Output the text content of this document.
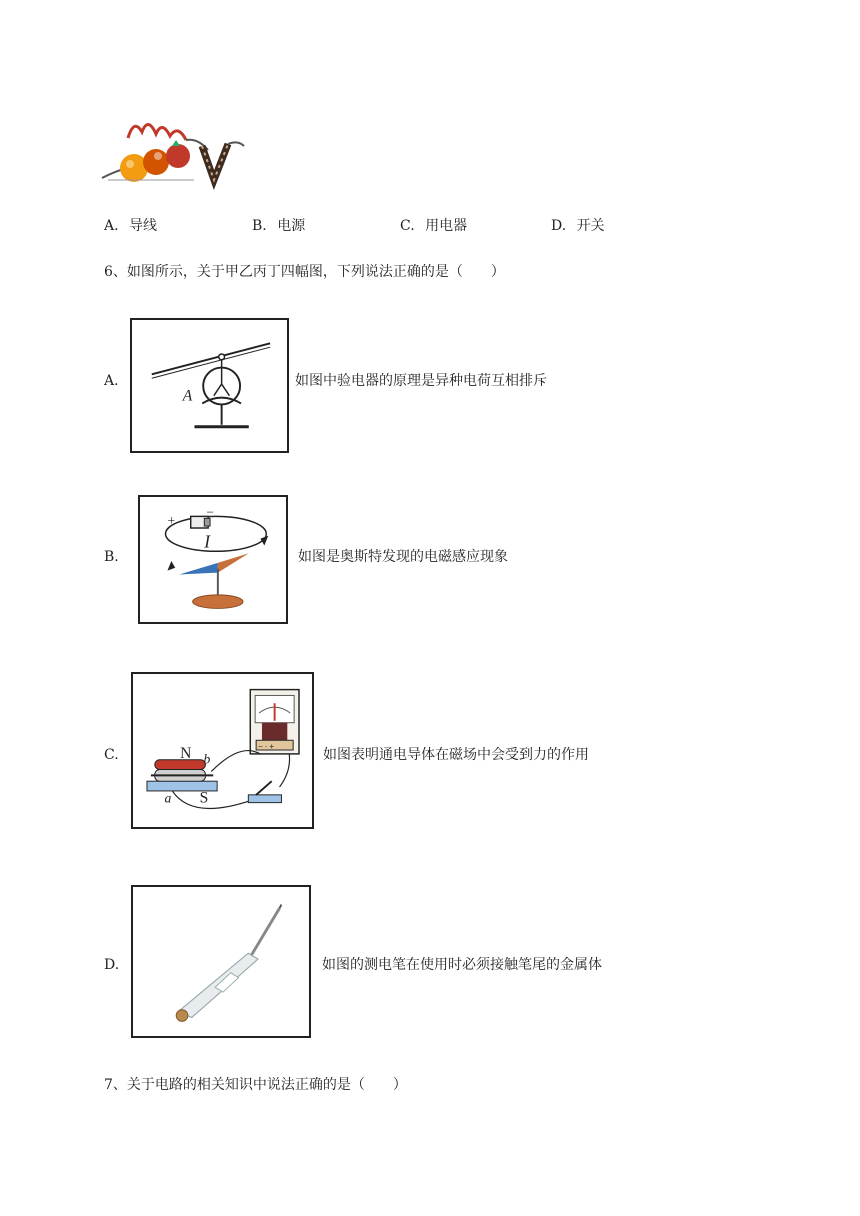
A. 导线	B. 电源	C. 用电器	D. 开关
6、如图所示，关于甲乙丙丁四幅图，下列说法正确的是（　　）
A.
A
如图中验电器的原理是异种电荷互相排斥
B.
+
−
I
如图是奥斯特发现的电磁感应现象
C.
− · +
N
S
a
b	如图表明通电导体在磁场中会受到力的作用
D.	如图的测电笔在使用时必须接触笔尾的金属体
7、关于电路的相关知识中说法正确的是（　　）
